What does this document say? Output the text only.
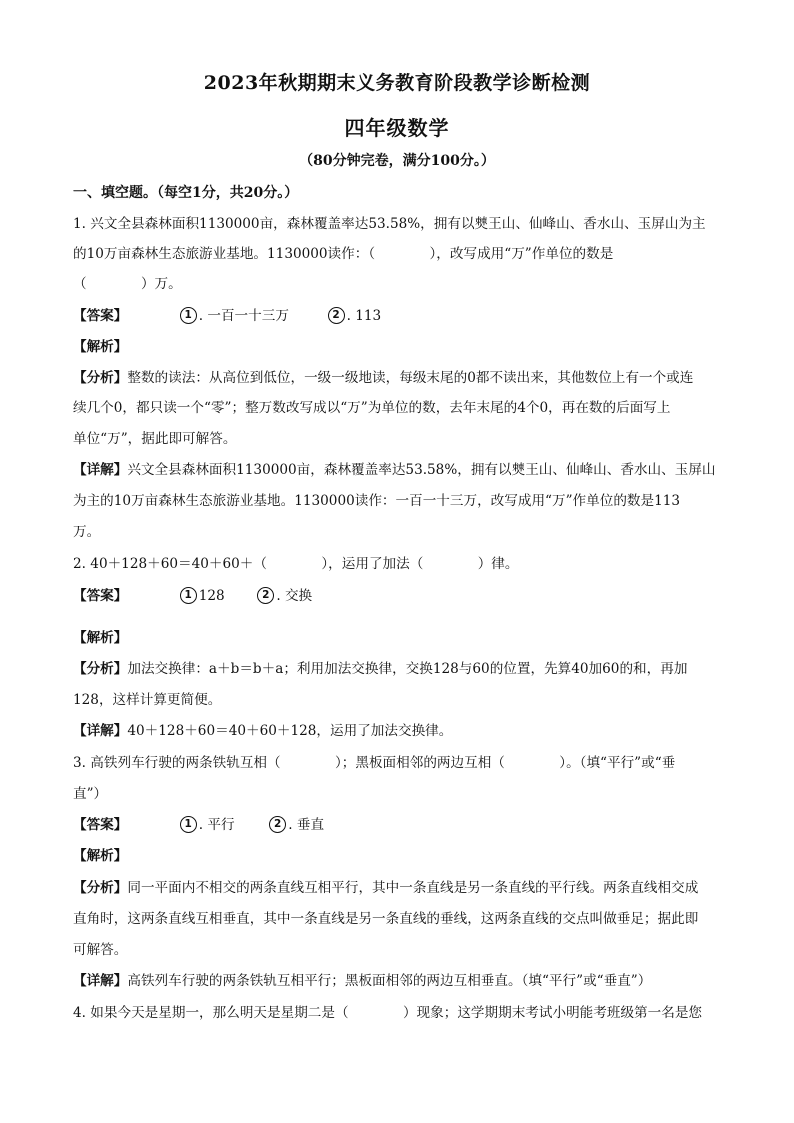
2023年秋期期末义务教育阶段教学诊断检测
四年级数学
（80分钟完卷，满分100分。）
一、填空题。（每空1分，共20分。）
1. 兴文全县森林面积1130000亩，森林覆盖率达53.58%，拥有以僰王山、仙峰山、香水山、玉屏山为主
的10万亩森林生态旅游业基地。1130000读作：（　　　　），改写成用“万”作单位的数是
（　　　　）万。
【答案】	1 . 一百一十三万	2 . 113
【解析】
【分析】整数的读法：从高位到低位，一级一级地读，每级末尾的0都不读出来，其他数位上有一个或连
续几个0，都只读一个“零”；整万数改写成以“万”为单位的数，去年末尾的4个0，再在数的后面写上
单位“万”，据此即可解答。
【详解】兴文全县森林面积1130000亩，森林覆盖率达53.58%，拥有以僰王山、仙峰山、香水山、玉屏山
为主的10万亩森林生态旅游业基地。1130000读作：一百一十三万，改写成用“万”作单位的数是113
万。
2. 40＋128＋60＝40＋60＋（　　　　），运用了加法（　　　　）律。
【答案】	1128	2 . 交换
【解析】
【分析】加法交换律：a＋b＝b＋a；利用加法交换律，交换128与60的位置，先算40加60的和，再加
128，这样计算更简便。
【详解】40＋128＋60＝40＋60＋128，运用了加法交换律。
3. 高铁列车行驶的两条铁轨互相（　　　　）；黑板面相邻的两边互相（　　　　）。（填“平行”或“垂
直”）
【答案】	1 . 平行	2 . 垂直
【解析】
【分析】同一平面内不相交的两条直线互相平行，其中一条直线是另一条直线的平行线。两条直线相交成
直角时，这两条直线互相垂直，其中一条直线是另一条直线的垂线，这两条直线的交点叫做垂足；据此即
可解答。
【详解】高铁列车行驶的两条铁轨互相平行；黑板面相邻的两边互相垂直。（填“平行”或“垂直”）
4. 如果今天是星期一，那么明天是星期二是（　　　　）现象；这学期期末考试小明能考班级第一名是您
